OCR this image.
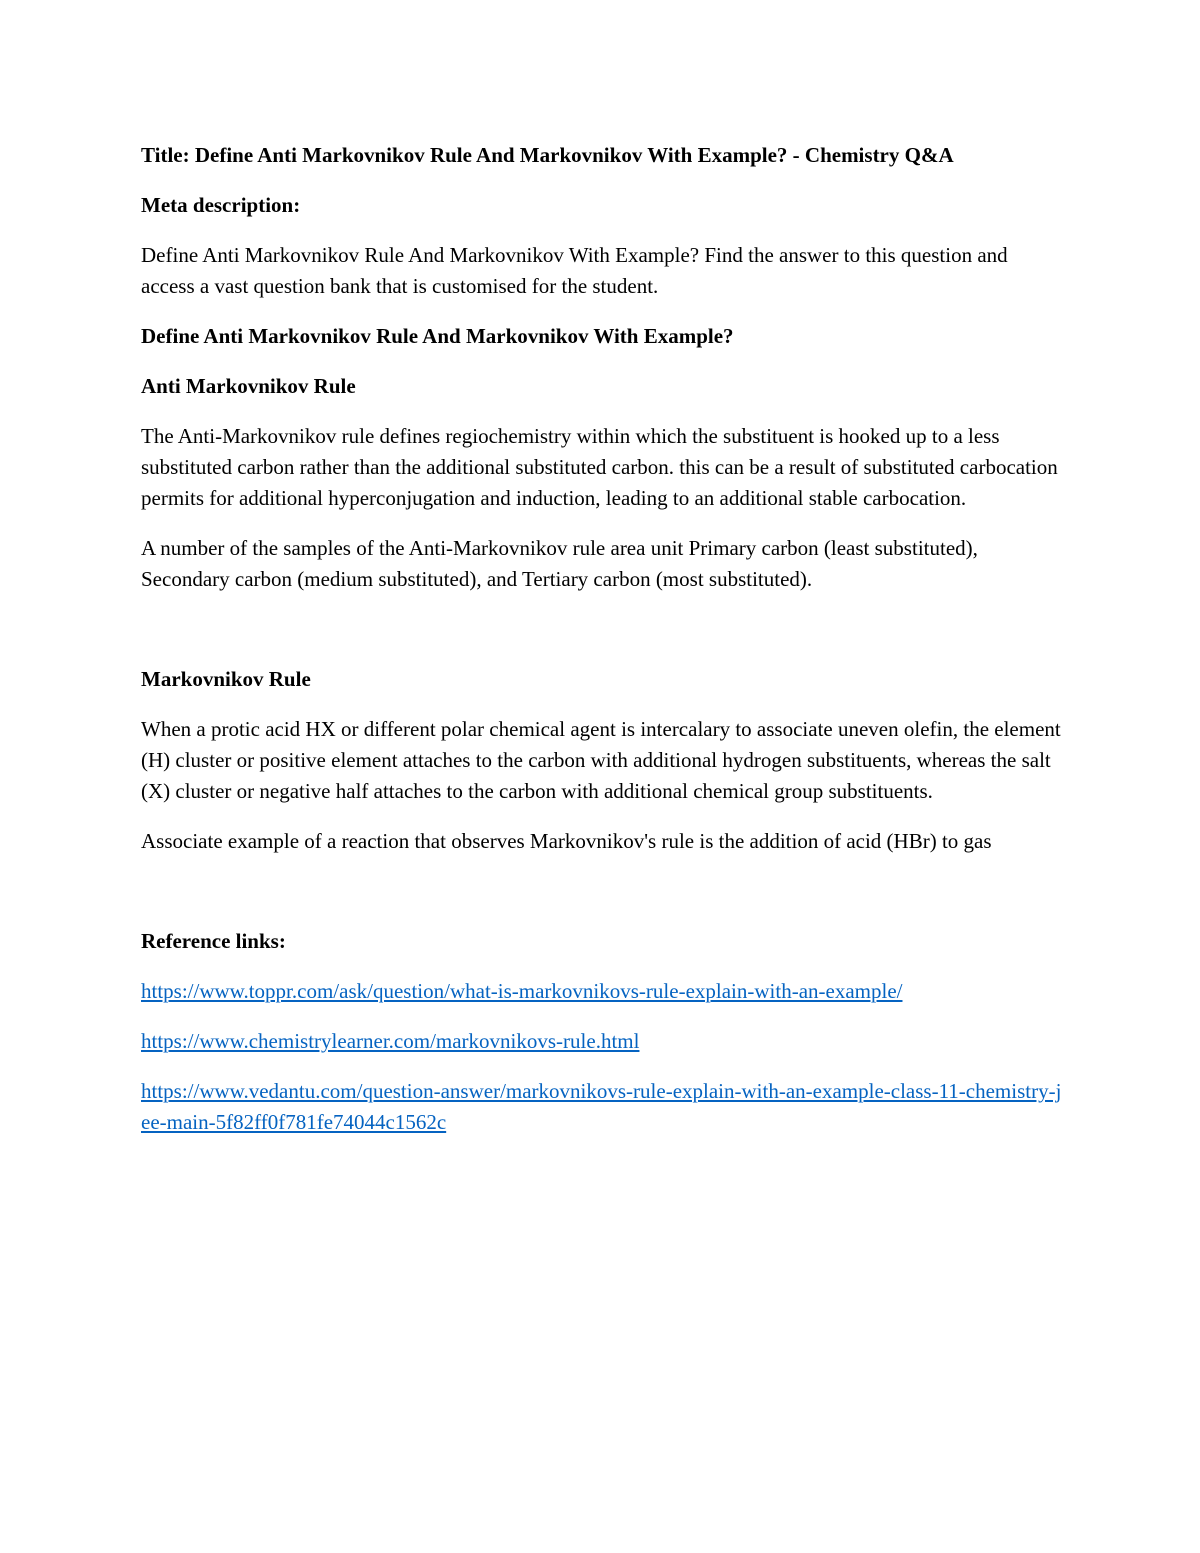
Title: Define Anti Markovnikov Rule And Markovnikov With Example? - Chemistry Q&A

Meta description:

Define Anti Markovnikov Rule And Markovnikov With Example? Find the answer to this question and access a vast question bank that is customised for the student.

Define Anti Markovnikov Rule And Markovnikov With Example?

Anti Markovnikov Rule

The Anti-Markovnikov rule defines regiochemistry within which the substituent is hooked up to a less substituted carbon rather than the additional substituted carbon. this can be a result of substituted carbocation permits for additional hyperconjugation and induction, leading to an additional stable carbocation.

A number of the samples of the Anti-Markovnikov rule area unit Primary carbon (least substituted), Secondary carbon (medium substituted), and Tertiary carbon (most substituted).

Markovnikov Rule

When a protic acid HX or different polar chemical agent is intercalary to associate uneven olefin, the element (H) cluster or positive element attaches to the carbon with additional hydrogen substituents, whereas the salt (X) cluster or negative half attaches to the carbon with additional chemical group substituents.

Associate example of a reaction that observes Markovnikov's rule is the addition of acid (HBr) to gas

Reference links:

https://www.toppr.com/ask/question/what-is-markovnikovs-rule-explain-with-an-example/

https://www.chemistrylearner.com/markovnikovs-rule.html

https://www.vedantu.com/question-answer/markovnikovs-rule-explain-with-an-example-class-11-chemistry-jee-main-5f82ff0f781fe74044c1562c
